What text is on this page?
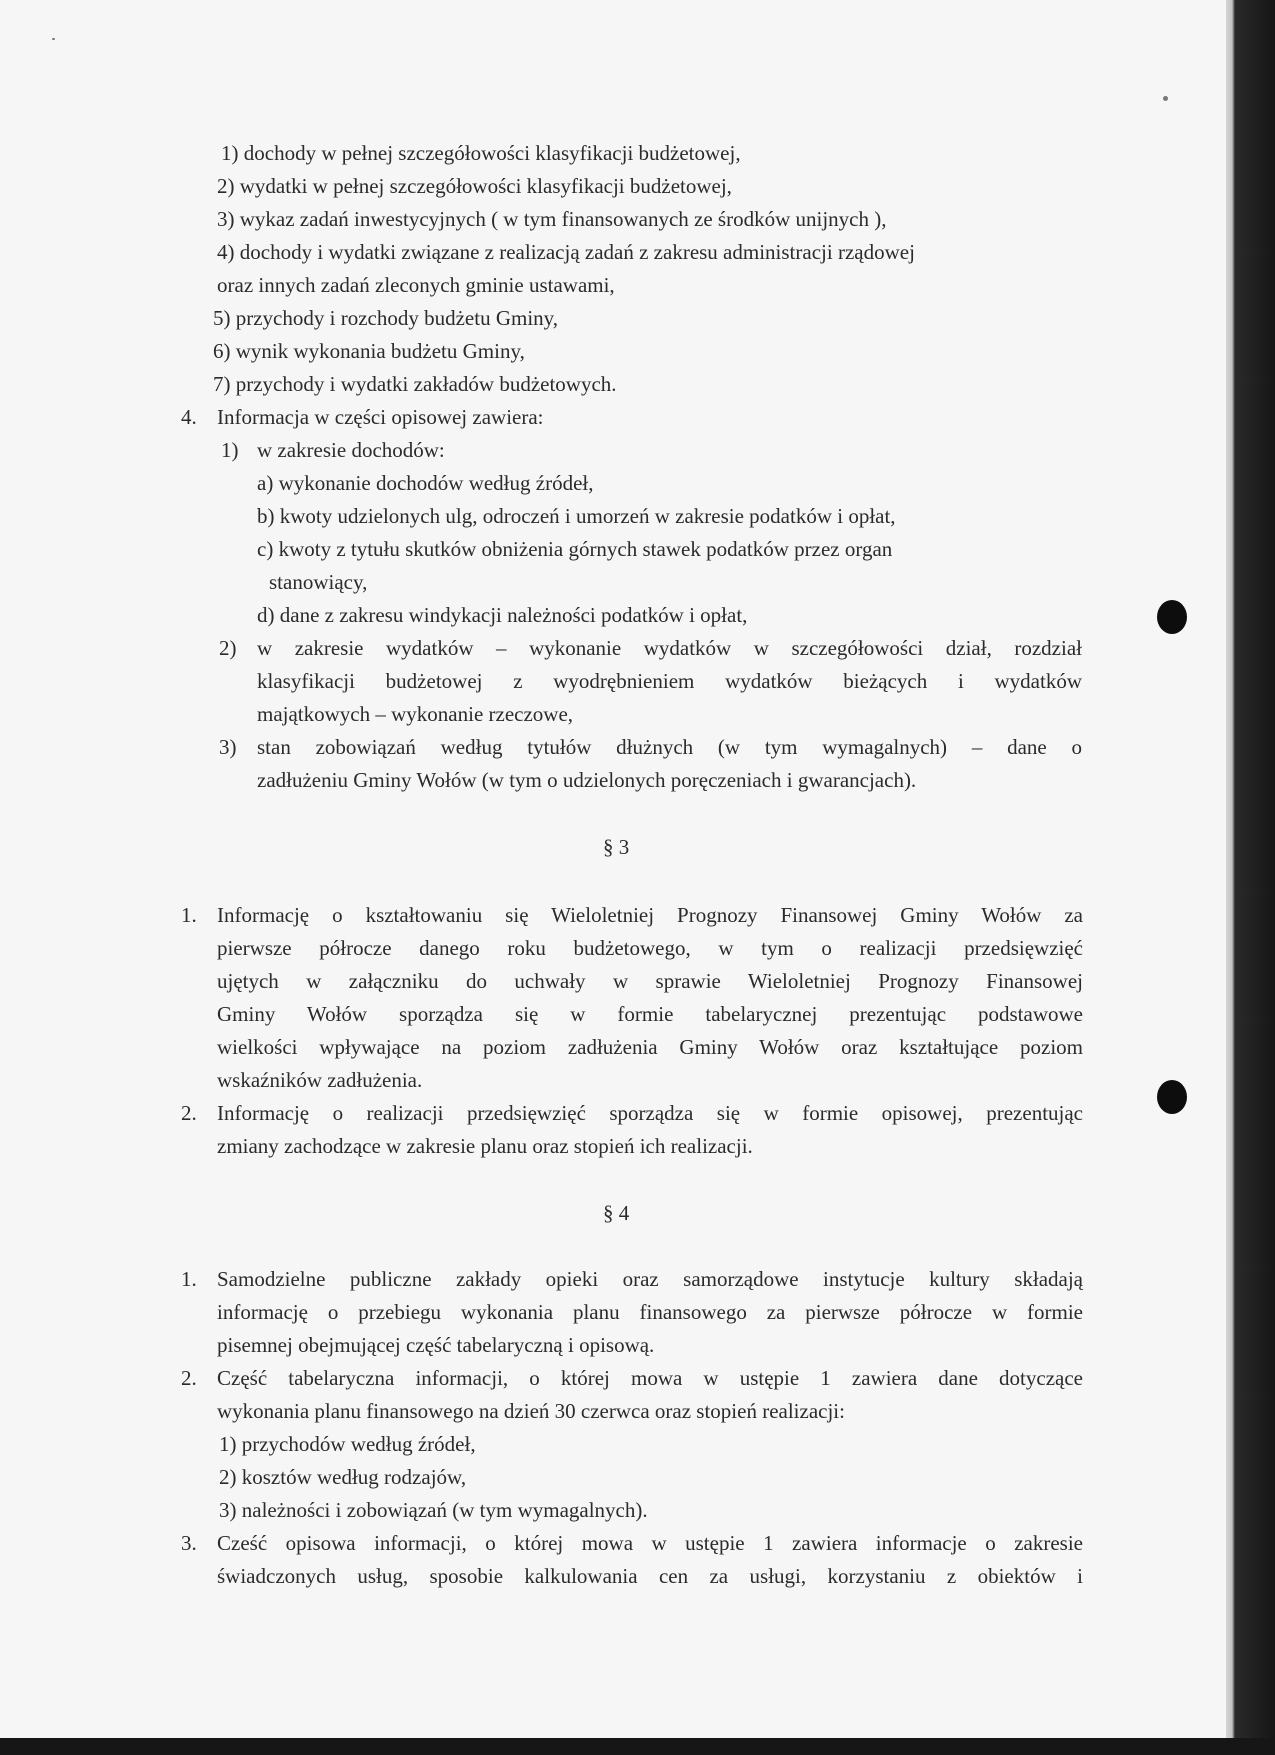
1) dochody w pełnej szczegółowości klasyfikacji budżetowej,

2) wydatki w pełnej szczegółowości klasyfikacji budżetowej,

3) wykaz zadań inwestycyjnych ( w tym finansowanych ze środków unijnych ),

4) dochody i wydatki związane z realizacją zadań z zakresu administracji rządowej

oraz innych zadań zleconych gminie ustawami,

5) przychody i rozchody budżetu Gminy,

6) wynik wykonania budżetu Gminy,

7) przychody i wydatki zakładów budżetowych.

4. Informacja w części opisowej zawiera:

1) w zakresie dochodów:

a) wykonanie dochodów według źródeł,

b) kwoty udzielonych ulg, odroczeń i umorzeń w zakresie podatków i opłat,

c) kwoty z tytułu skutków obniżenia górnych stawek podatków przez organ

stanowiący,

d) dane z zakresu windykacji należności podatków i opłat,

2) w zakresie wydatków – wykonanie wydatków w szczegółowości dział, rozdział

klasyfikacji budżetowej z wyodrębnieniem wydatków bieżących i wydatków

majątkowych – wykonanie rzeczowe,

3) stan zobowiązań według tytułów dłużnych (w tym wymagalnych) – dane o

zadłużeniu Gminy Wołów (w tym o udzielonych poręczeniach i gwarancjach).

§ 3

1. Informację o kształtowaniu się Wieloletniej Prognozy Finansowej Gminy Wołów za

pierwsze półrocze danego roku budżetowego, w tym o realizacji przedsięwzięć

ujętych w załączniku do uchwały w sprawie Wieloletniej Prognozy Finansowej

Gminy Wołów sporządza się w formie tabelarycznej prezentując podstawowe

wielkości wpływające na poziom zadłużenia Gminy Wołów oraz kształtujące poziom

wskaźników zadłużenia.

2. Informację o realizacji przedsięwzięć sporządza się w formie opisowej, prezentując

zmiany zachodzące w zakresie planu oraz stopień ich realizacji.

§ 4

1. Samodzielne publiczne zakłady opieki oraz samorządowe instytucje kultury składają

informację o przebiegu wykonania planu finansowego za pierwsze półrocze w formie

pisemnej obejmującej część tabelaryczną i opisową.

2. Część tabelaryczna informacji, o której mowa w ustępie 1 zawiera dane dotyczące

wykonania planu finansowego na dzień 30 czerwca oraz stopień realizacji:

1) przychodów według źródeł,

2) kosztów według rodzajów,

3) należności i zobowiązań (w tym wymagalnych).

3. Cześć opisowa informacji, o której mowa w ustępie 1 zawiera informacje o zakresie

świadczonych usług, sposobie kalkulowania cen za usługi, korzystaniu z obiektów i
